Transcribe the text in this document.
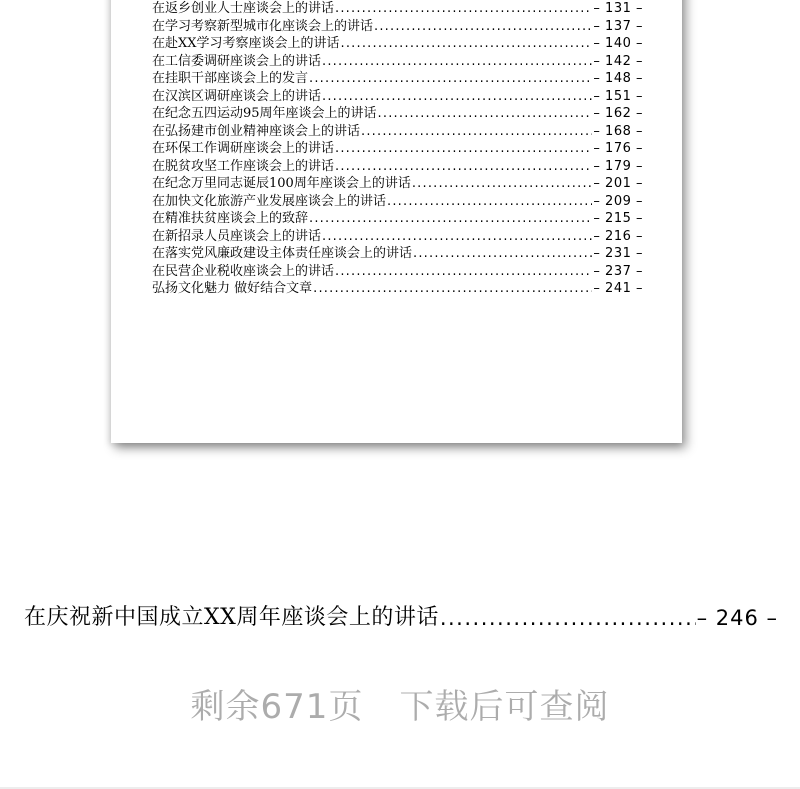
在返乡创业人士座谈会上的讲话 .....	– 131 –
在学习考察新型城市化座谈会上的讲话 .....	– 137 –
在赴XX学习考察座谈会上的讲话 .....	– 140 –
在工信委调研座谈会上的讲话 .....	– 142 –
在挂职干部座谈会上的发言 .....	– 148 –
在汉滨区调研座谈会上的讲话 .....	– 151 –
在纪念五四运动95周年座谈会上的讲话 .....	– 162 –
在弘扬建市创业精神座谈会上的讲话 .....	– 168 –
在环保工作调研座谈会上的讲话 .....	– 176 –
在脱贫攻坚工作座谈会上的讲话 .....	– 179 –
在纪念万里同志诞辰100周年座谈会上的讲话 .....	– 201 –
在加快文化旅游产业发展座谈会上的讲话 .....	– 209 –
在精准扶贫座谈会上的致辞 .....	– 215 –
在新招录人员座谈会上的讲话 .....	– 216 –
在落实党风廉政建设主体责任座谈会上的讲话 .....	– 231 –
在民营企业税收座谈会上的讲话 .....	– 237 –
弘扬文化魅力 做好结合文章 .....	– 241 –
在庆祝新中国成立XX周年座谈会上的讲话 .....	– 246 –
剩余671页 下载后可查阅
